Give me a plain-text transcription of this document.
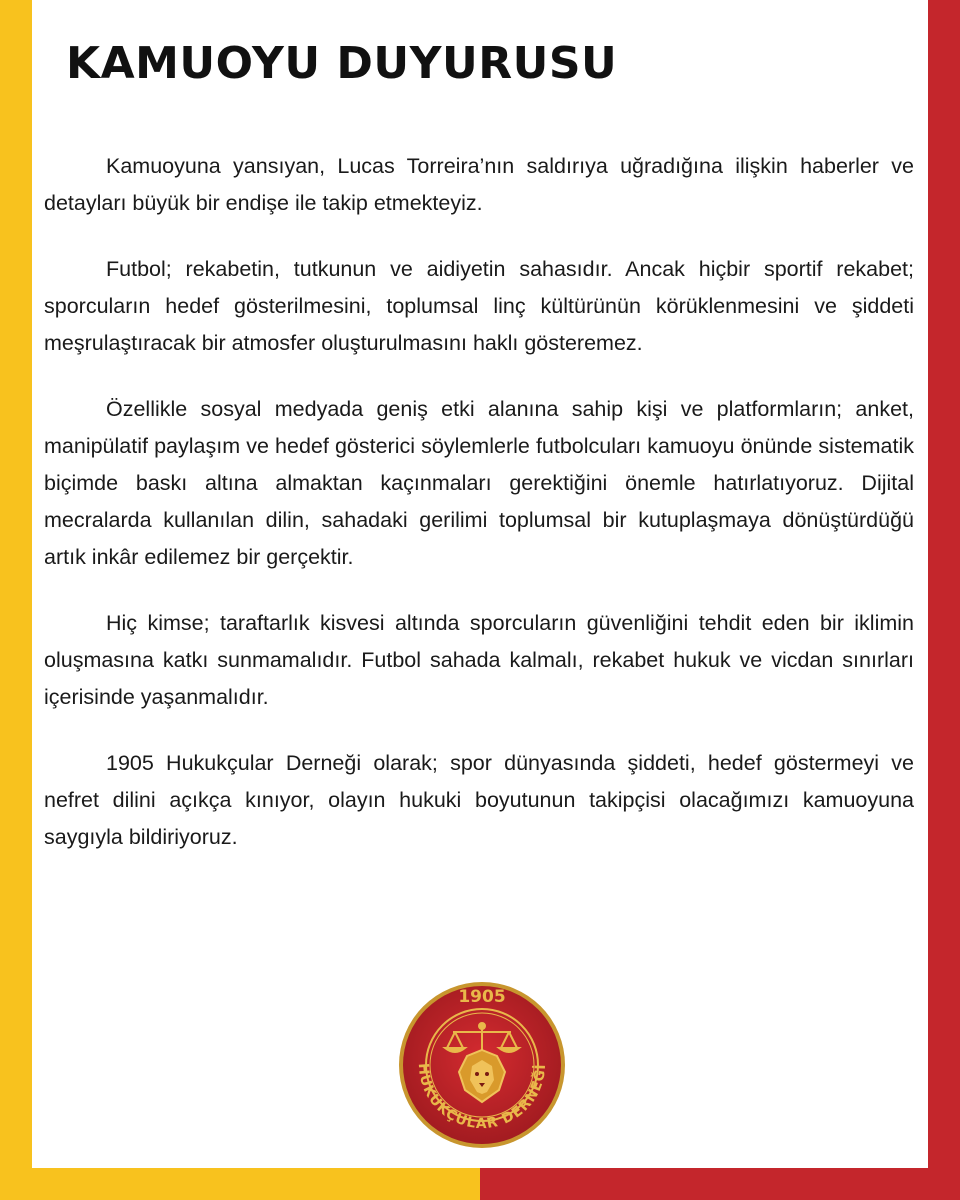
KAMUOYU DUYURUSU

Kamuoyuna yansıyan, Lucas Torreira’nın saldırıya uğradığına ilişkin haberler ve detayları büyük bir endişe ile takip etmekteyiz.

Futbol; rekabetin, tutkunun ve aidiyetin sahasıdır. Ancak hiçbir sportif rekabet; sporcuların hedef gösterilmesini, toplumsal linç kültürünün körüklenmesini ve şiddeti meşrulaştıracak bir atmosfer oluşturulmasını haklı gösteremez.

Özellikle sosyal medyada geniş etki alanına sahip kişi ve platformların; anket, manipülatif paylaşım ve hedef gösterici söylemlerle futbolcuları kamuoyu önünde sistematik biçimde baskı altına almaktan kaçınmaları gerektiğini önemle hatırlatıyoruz. Dijital mecralarda kullanılan dilin, sahadaki gerilimi toplumsal bir kutuplaşmaya dönüştürdüğü artık inkâr edilemez bir gerçektir.

Hiç kimse; taraftarlık kisvesi altında sporcuların güvenliğini tehdit eden bir iklimin oluşmasına katkı sunmamalıdır. Futbol sahada kalmalı, rekabet hukuk ve vicdan sınırları içerisinde yaşanmalıdır.

1905 Hukukçular Derneği olarak; spor dünyasında şiddeti, hedef göstermeyi ve nefret dilini açıkça kınıyor, olayın hukuki boyutunun takipçisi olacağımızı kamuoyuna saygıyla bildiriyoruz.

1905
HUKUKÇULAR DERNEĞİ
